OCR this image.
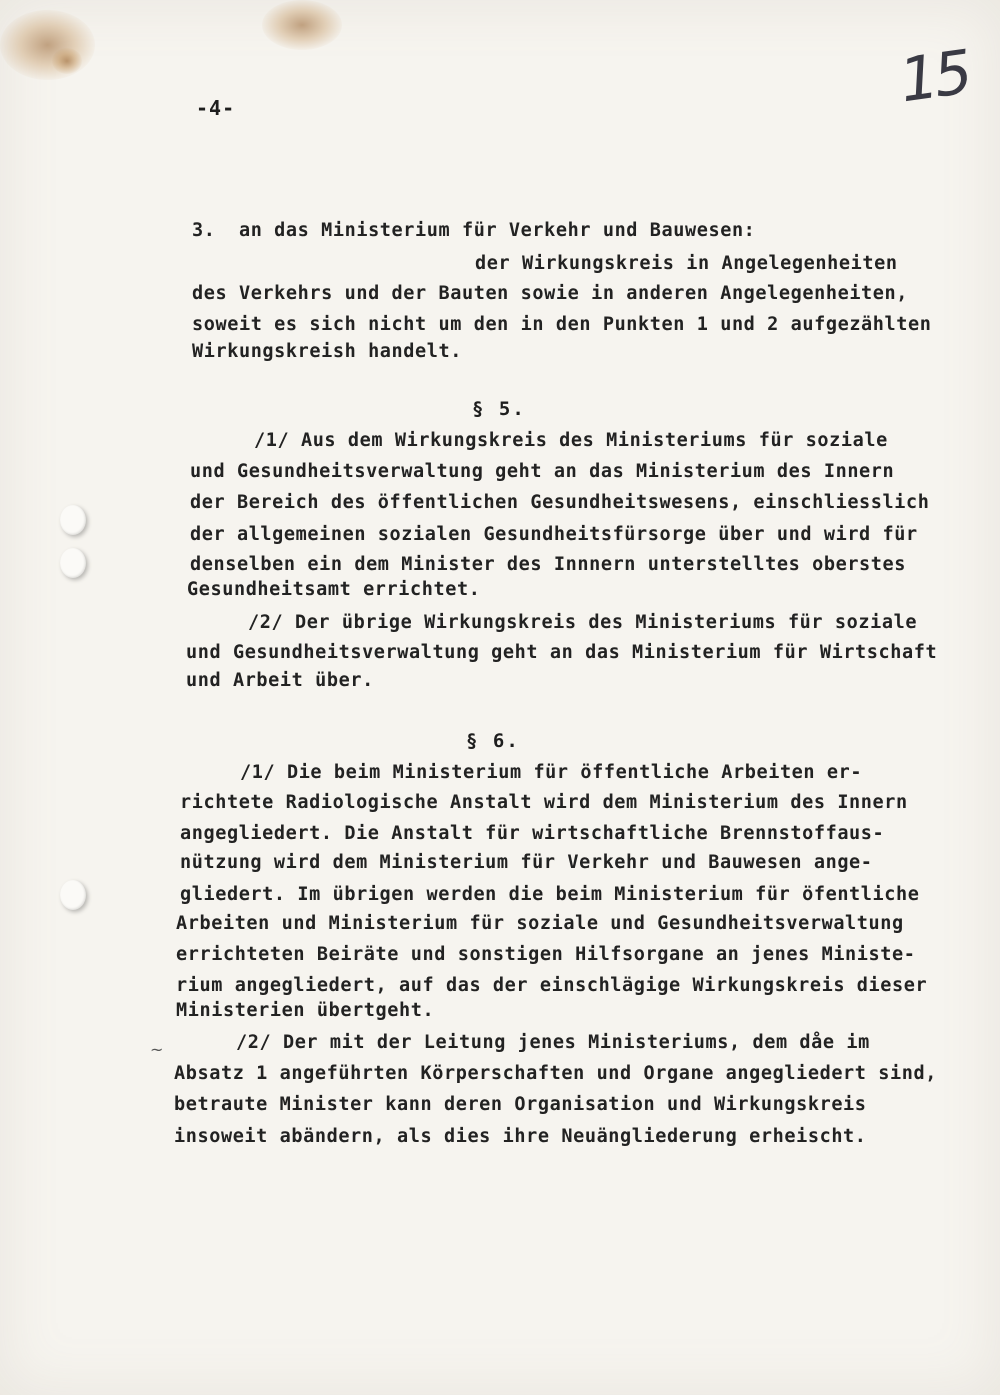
-4-	15
3.  an das Ministerium für Verkehr und Bauwesen:
der Wirkungskreis in Angelegenheiten
des Verkehrs und der Bauten sowie in anderen Angelegenheiten,
soweit es sich nicht um den in den Punkten 1 und 2 aufgezählten
Wirkungskreish handelt.
§ 5.
/1/ Aus dem Wirkungskreis des Ministeriums für soziale
und Gesundheitsverwaltung geht an das Ministerium des Innern
der Bereich des öffentlichen Gesundheitswesens, einschliesslich
der allgemeinen sozialen Gesundheitsfürsorge über und wird für
denselben ein dem Minister des Innnern unterstelltes oberstes
Gesundheitsamt errichtet.
/2/ Der übrige Wirkungskreis des Ministeriums für soziale
und Gesundheitsverwaltung geht an das Ministerium für Wirtschaft
und Arbeit über.
§ 6.
/1/ Die beim Ministerium für öffentliche Arbeiten er-
richtete Radiologische Anstalt wird dem Ministerium des Innern
angegliedert. Die Anstalt für wirtschaftliche Brennstoffaus-
nützung wird dem Ministerium für Verkehr und Bauwesen ange-
gliedert. Im übrigen werden die beim Ministerium für öfentliche
Arbeiten und Ministerium für soziale und Gesundheitsverwaltung
errichteten Beiräte und sonstigen Hilfsorgane an jenes Ministe-
rium angegliedert, auf das der einschlägige Wirkungskreis dieser
Ministerien übertgeht.
/2/ Der mit der Leitung jenes Ministeriums, dem dåe im
Absatz 1 angeführten Körperschaften und Organe angegliedert sind,
betraute Minister kann deren Organisation und Wirkungskreis
insoweit abändern, als dies ihre Neuängliederung erheischt.
~
